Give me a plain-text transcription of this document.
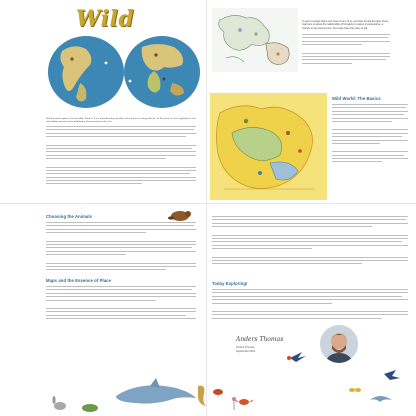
Wild
World animals capture how incredible Earth is. It is a mind-blowing and fully realized place teeming with life. In this book, we travel globally to visit rich habitats and meet their inhabitants, discovering how they live.
To get to a place that's ever been to any of us, we have to look at maps. Every map tells us about the relationship of humanity to nature in perspective, a chance to see how we live. Our maps have this story to tell.
Wild World: The Basics
Choosing the Animals
Maps and the Essence of Place
Today Exploring!
Anders Thomas
Anders Thomas
September 2021
